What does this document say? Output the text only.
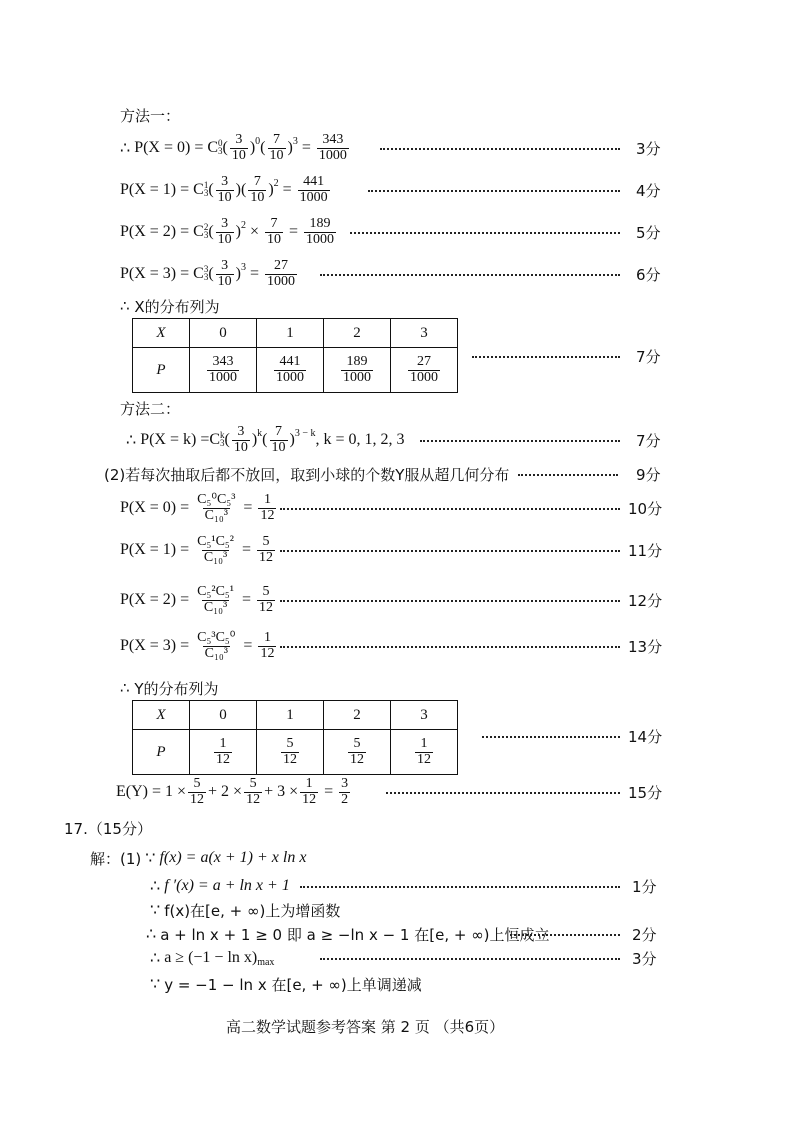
方法一：
∴
P(X = 0) = C 0
3 ( $\frac{3}{10}$ ) 0 ( $\frac{7}{10}$ ) $3 = \frac{343}{1000}$	3分
P(X = 1) = C 1
3 ( $\frac{3}{10}$ )( $\frac{7}{10}$ ) $2 = \frac{441}{1000}$	4分
P(X = 2) = C 2
3 ( $\frac{3}{10}$ ) $2 \times \frac{7}{10} = \frac{189}{1000}$	5分
P(X = 3) = C 3
3 ( $\frac{3}{10}$ ) $3 = \frac{27}{1000}$	6分
∴
X的分布列为
X	0	1	2	3
P	$\frac{343}{1000}$	$\frac{441}{1000}$	$\frac{189}{1000}$	$\frac{27}{1000}$	7分
方法二：
∴
P(X = k) =C k
3 ( $\frac{3}{10}$ ) k ( $\frac{7}{10}$ ) 3 − k , k = 0, 1, 2, 3	7分
(2)若每次抽取后都不放回，取到小球的个数Y服从超几何分布	9分
P(X = 0) =
$\frac{\text{C₅⁰C₅³}}{\text{C₁₀³}} = \frac{1}{12}$	10分
P(X = 1) =
$\frac{\text{C₅¹C₅²}}{\text{C₁₀³}} = \frac{5}{12}$	11分
P(X = 2) =
$\frac{\text{C₅²C₅¹}}{\text{C₁₀³}} = \frac{5}{12}$	12分
P(X = 3) =
$\frac{\text{C₅³C₅⁰}}{\text{C₁₀³}} = \frac{1}{12}$	13分
∴
Y的分布列为
X	0	1	2	3
P	$\frac{1}{12}$	$\frac{5}{12}$	$\frac{5}{12}$	$\frac{1}{12}$	14分
$E(Y) = 1 \times \frac{5}{12} + 2 \times \frac{5}{12} + 3 \times \frac{1}{12}$
=
$\frac{3}{2}$	15分
17.（15分）
解：(1)
∵
f(x) = a(x + 1) + x ln x
∴
f ′(x) = a + ln x + 1	1分
∵
f(x)在[e, + ∞)上为增函数
∴
a + ln x + 1 ≥ 0 即 a ≥ −ln x − 1 在[e, + ∞)上恒成立	2分
∴
a ≥ (−1 − ln x) max	3分
∵
y = −1 − ln x 在[e, + ∞)上单调递减
高二数学试题参考答案 第 2 页 （共6页）
